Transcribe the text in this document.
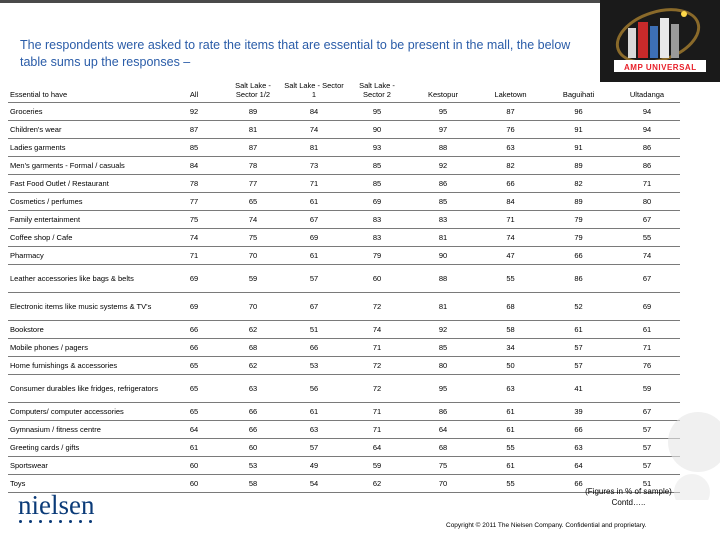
The respondents were asked to rate the items that are essential to be present in the mall, the below table sums up the responses –	AMP UNIVERSAL
Essential to have	All	Salt Lake - Sector 1/2	Salt Lake - Sector 1	Salt Lake - Sector 2	Kestopur	Laketown	Baguihati	Ultadanga
Groceries	92	89	84	95	95	87	96	94
Children's wear	87	81	74	90	97	76	91	94
Ladies garments	85	87	81	93	88	63	91	86
Men's garments - Formal / casuals	84	78	73	85	92	82	89	86
Fast Food Outlet / Restaurant	78	77	71	85	86	66	82	71
Cosmetics / perfumes	77	65	61	69	85	84	89	80
Family entertainment	75	74	67	83	83	71	79	67
Coffee shop / Cafe	74	75	69	83	81	74	79	55
Pharmacy	71	70	61	79	90	47	66	74
Leather accessories like bags & belts	69	59	57	60	88	55	86	67
Electronic items like music systems & TV's	69	70	67	72	81	68	52	69
Bookstore	66	62	51	74	92	58	61	61
Mobile phones / pagers	66	68	66	71	85	34	57	71
Home furnishings & accessories	65	62	53	72	80	50	57	76
Consumer durables like fridges, refrigerators	65	63	56	72	95	63	41	59
Computers/ computer accessories	65	66	61	71	86	61	39	67
Gymnasium / fitness centre	64	66	63	71	64	61	66	57
Greeting cards / gifts	61	60	57	64	68	55	63	57
Sportswear	60	53	49	59	75	61	64	57
Toys	60	58	54	62	70	55	66	51
nielsen	(Figures in % of sample)
Contd…..
Copyright © 2011 The Nielsen Company. Confidential and proprietary.
